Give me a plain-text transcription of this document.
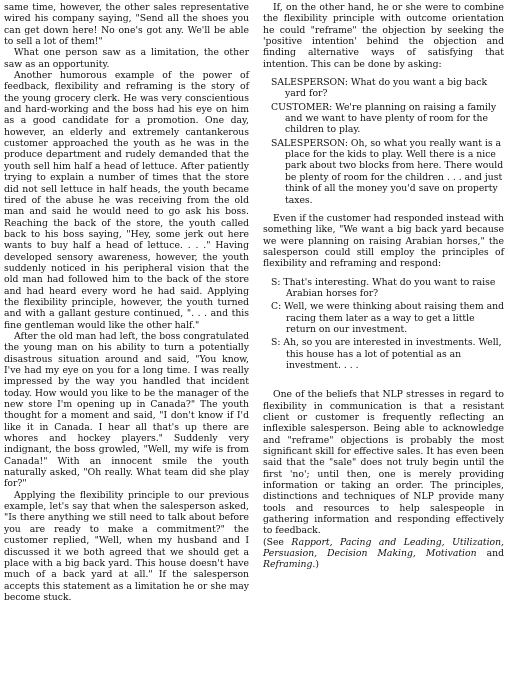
same time, however, the other sales representative wired his company saying, "Send all the shoes you can get down here! No one's got any. We'll be able to sell a lot of them!"

What one person saw as a limitation, the other saw as an opportunity.

Another humorous example of the power of feedback, flexibility and reframing is the story of the young grocery clerk. He was very conscientious and hard-working and the boss had his eye on him as a good candidate for a promotion. One day, however, an elderly and extremely cantankerous customer approached the youth as he was in the produce department and rudely demanded that the youth sell him half a head of lettuce. After patiently trying to explain a number of times that the store did not sell lettuce in half heads, the youth became tired of the abuse he was receiving from the old man and said he would need to go ask his boss. Reaching the back of the store, the youth called back to his boss saying, "Hey, some jerk out here wants to buy half a head of lettuce. . . ." Having developed sensory awareness, however, the youth suddenly noticed in his peripheral vision that the old man had followed him to the back of the store and had heard every word he had said. Applying the flexibility principle, however, the youth turned and with a gallant gesture continued, ". . . and this fine gentleman would like the other half."

After the old man had left, the boss congratulated the young man on his ability to turn a potentially disastrous situation around and said, "You know, I've had my eye on you for a long time. I was really impressed by the way you handled that incident today. How would you like to be the manager of the new store I'm opening up in Canada?" The youth thought for a moment and said, "I don't know if I'd like it in Canada. I hear all that's up there are whores and hockey players." Suddenly very indignant, the boss growled, "Well, my wife is from Canada!" With an innocent smile the youth naturally asked, "Oh really. What team did she play for?"

Applying the flexibility principle to our previous example, let's say that when the salesperson asked, "Is there anything we still need to talk about before you are ready to make a commitment?" the customer replied, "Well, when my husband and I discussed it we both agreed that we should get a place with a big back yard. This house doesn't have much of a back yard at all." If the salesperson accepts this statement as a limitation he or she may become stuck.

If, on the other hand, he or she were to combine the flexibility principle with outcome orientation he could "reframe" the objection by seeking the 'positive intention' behind the objection and finding alternative ways of satisfying that intention. This can be done by asking:

SALESPERSON: What do you want a big back yard for?
CUSTOMER: We're planning on raising a family and we want to have plenty of room for the children to play.
SALESPERSON: Oh, so what you really want is a place for the kids to play. Well there is a nice park about two blocks from here. There would be plenty of room for the children . . . and just think of all the money you'd save on property taxes.

Even if the customer had responded instead with something like, "We want a big back yard because we were planning on raising Arabian horses," the salesperson could still employ the principles of flexibility and reframing and respond:

S: That's interesting. What do you want to raise Arabian horses for?
C: Well, we were thinking about raising them and racing them later as a way to get a little return on our investment.
S: Ah, so you are interested in investments. Well, this house has a lot of potential as an investment. . . .

One of the beliefs that NLP stresses in regard to flexibility in communication is that a resistant client or customer is frequently reflecting an inflexible salesperson. Being able to acknowledge and "reframe" objections is probably the most significant skill for effective sales. It has even been said that the "sale" does not truly begin until the first 'no'; until then, one is merely providing information or taking an order. The principles, distinctions and techniques of NLP provide many tools and resources to help salespeople in gathering information and responding effectively to feedback.

(See Rapport, Pacing and Leading, Utilization, Persuasion, Decision Making, Motivation and Reframing.)
